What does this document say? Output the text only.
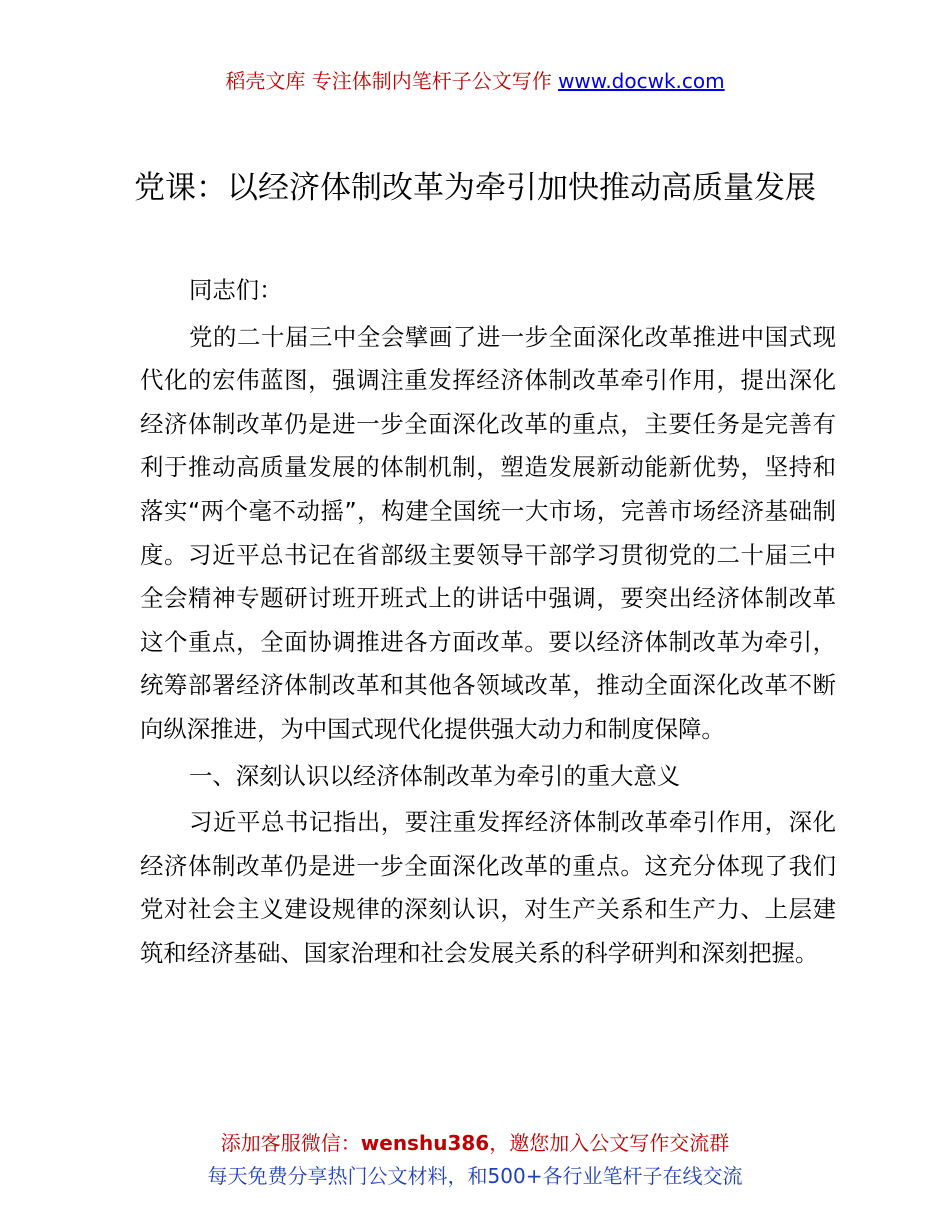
稻壳文库 专注体制内笔杆子公文写作 www.docwk.com
党课：以经济体制改革为牵引加快推动高质量发展

同志们：

党的二十届三中全会擘画了进一步全面深化改革推进中国式现代化的宏伟蓝图，强调注重发挥经济体制改革牵引作用，提出深化经济体制改革仍是进一步全面深化改革的重点，主要任务是完善有利于推动高质量发展的体制机制，塑造发展新动能新优势，坚持和落实“两个毫不动摇”，构建全国统一大市场，完善市场经济基础制度。习近平总书记在省部级主要领导干部学习贯彻党的二十届三中全会精神专题研讨班开班式上的讲话中强调，要突出经济体制改革这个重点，全面协调推进各方面改革。要以经济体制改革为牵引，统筹部署经济体制改革和其他各领域改革，推动全面深化改革不断向纵深推进，为中国式现代化提供强大动力和制度保障。

一、深刻认识以经济体制改革为牵引的重大意义

习近平总书记指出，要注重发挥经济体制改革牵引作用，深化经济体制改革仍是进一步全面深化改革的重点。这充分体现了我们党对社会主义建设规律的深刻认识，对生产关系和生产力、上层建筑和经济基础、国家治理和社会发展关系的科学研判和深刻把握。

添加客服微信：wenshu386，邀您加入公文写作交流群
每天免费分享热门公文材料，和500+各行业笔杆子在线交流
